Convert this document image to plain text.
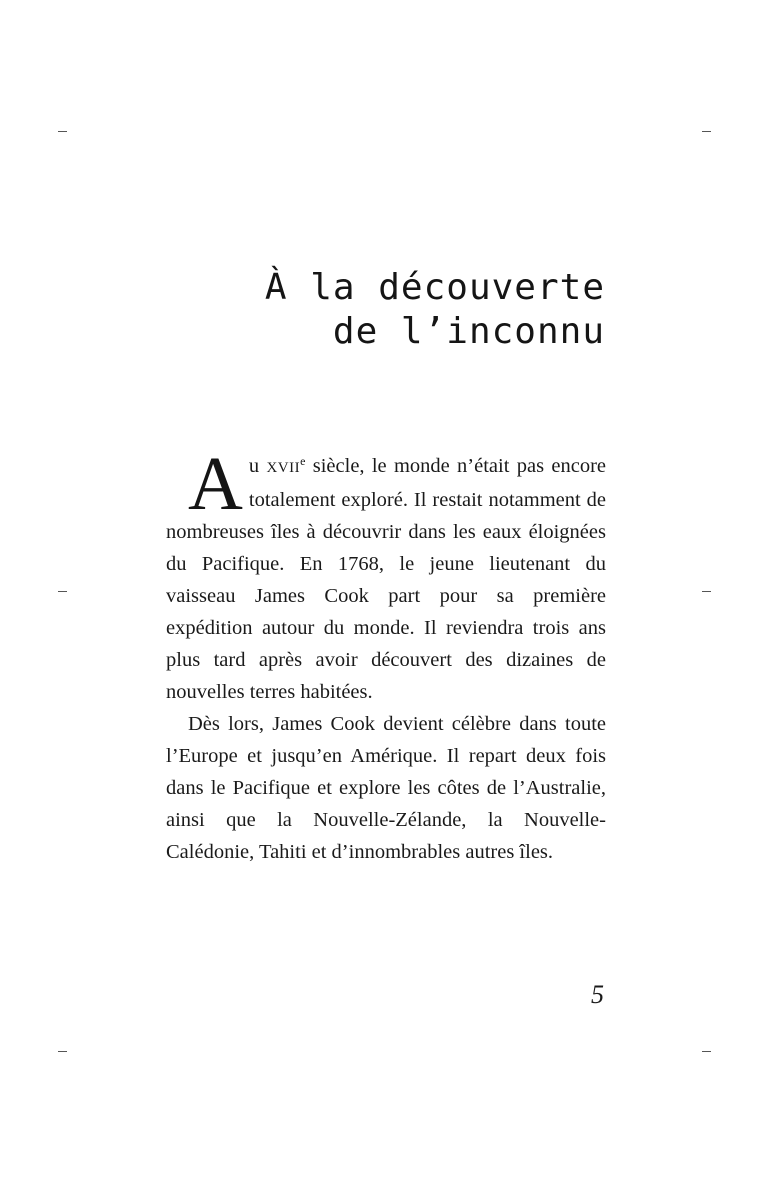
À la découverte
de l’inconnu

Au XVIIe siècle, le monde n’était pas encore totalement exploré. Il restait notamment de nombreuses îles à découvrir dans les eaux éloignées du Pacifique. En 1768, le jeune lieutenant du vaisseau James Cook part pour sa première expédition autour du monde. Il reviendra trois ans plus tard après avoir découvert des dizaines de nouvelles terres habitées.

Dès lors, James Cook devient célèbre dans toute l’Europe et jusqu’en Amérique. Il repart deux fois dans le Pacifique et explore les côtes de l’Australie, ainsi que la Nouvelle-Zélande, la Nouvelle-Calédonie, Tahiti et d’innombrables autres îles.

5
